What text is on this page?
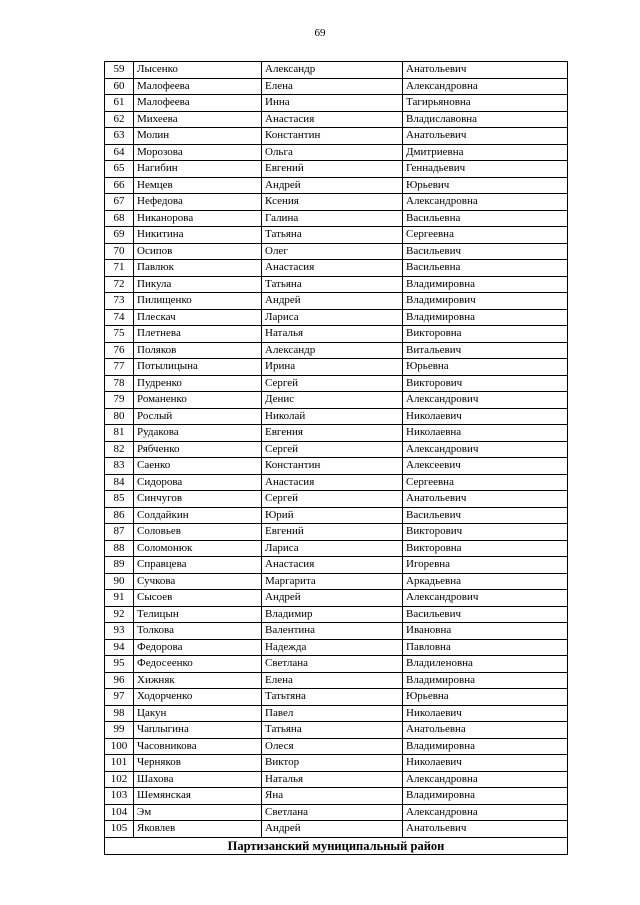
69
59	Лысенко	Александр	Анатольевич
60	Малофеева	Елена	Александровна
61	Малофеева	Инна	Тагирьяновна
62	Михеева	Анастасия	Владиславовна
63	Молин	Константин	Анатольевич
64	Морозова	Ольга	Дмитриевна
65	Нагибин	Евгений	Геннадьевич
66	Немцев	Андрей	Юрьевич
67	Нефедова	Ксения	Александровна
68	Никанорова	Галина	Васильевна
69	Никитина	Татьяна	Сергеевна
70	Осипов	Олег	Васильевич
71	Павлюк	Анастасия	Васильевна
72	Пикула	Татьяна	Владимировна
73	Пилищенко	Андрей	Владимирович
74	Плескач	Лариса	Владимировна
75	Плетнева	Наталья	Викторовна
76	Поляков	Александр	Витальевич
77	Потылицына	Ирина	Юрьевна
78	Пудренко	Сергей	Викторович
79	Романенко	Денис	Александрович
80	Рослый	Николай	Николаевич
81	Рудакова	Евгения	Николаевна
82	Рябченко	Сергей	Александрович
83	Саенко	Константин	Алексеевич
84	Сидорова	Анастасия	Сергеевна
85	Синчугов	Сергей	Анатольевич
86	Солдайкин	Юрий	Васильевич
87	Соловьев	Евгений	Викторович
88	Соломонюк	Лариса	Викторовна
89	Справцева	Анастасия	Игоревна
90	Сучкова	Маргарита	Аркадьевна
91	Сысоев	Андрей	Александрович
92	Телицын	Владимир	Васильевич
93	Толкова	Валентина	Ивановна
94	Федорова	Надежда	Павловна
95	Федосеенко	Светлана	Владиленовна
96	Хижняк	Елена	Владимировна
97	Ходорченко	Татьтяна	Юрьевна
98	Цакун	Павел	Николаевич
99	Чаплыгина	Татьяна	Анатольевна
100	Часовникова	Олеся	Владимировна
101	Черняков	Виктор	Николаевич
102	Шахова	Наталья	Александровна
103	Шемянская	Яна	Владимировна
104	Эм	Светлана	Александровна
105	Яковлев	Андрей	Анатольевич
Партизанский муниципальный район			
